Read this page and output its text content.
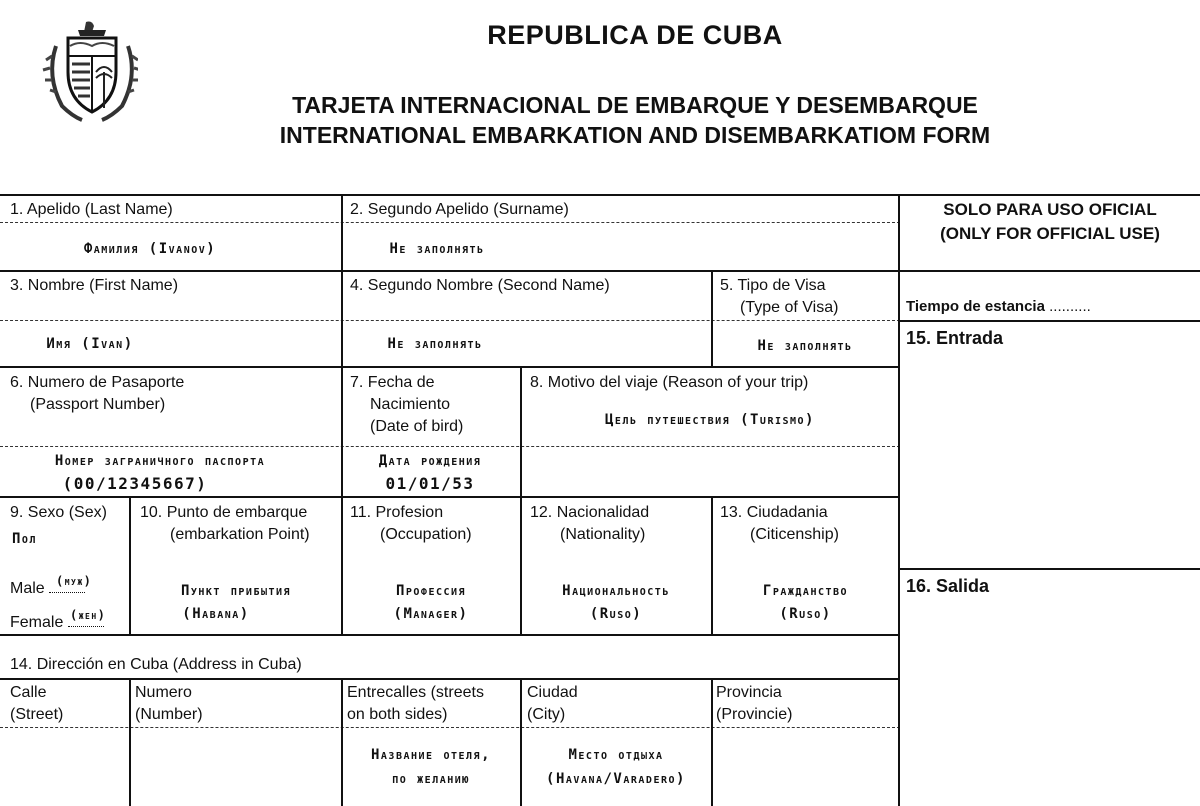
REPUBLICA DE CUBA
TARJETA INTERNACIONAL DE EMBARQUE Y DESEMBARQUE
INTERNATIONAL EMBARKATION AND DISEMBARKATIOM FORM
SOLO PARA USO OFICIAL
(ONLY FOR OFFICIAL USE)
Tiempo de estancia ..........
15. Entrada
16. Salida
1. Apelido (Last Name)
Фамилия (Ivanov)
2. Segundo Apelido (Surname)
Не заполнять
3. Nombre (First Name)
Имя (Ivan)
4. Segundo Nombre (Second Name)
Не заполнять
5. Tipo de Visa
(Type of Visa)
Не заполнять
6. Numero de Pasaporte
(Passport Number)
Номер заграничного паспорта
(00/12345667)
7. Fecha de
Nacimiento
(Date of bird)
Дата рождения
01/01/53
8. Motivo del viaje (Reason of your trip)
Цель путешествия (Turismo)
9. Sexo (Sex)
Пол
Male (муж)
Female (жен)
10. Punto de embarque
(embarkation Point)
Пункт прибытия
(Habana)
11. Profesion
(Occupation)
Профессия
(Manager)
12. Nacionalidad
(Nationality)
Национальность
(Ruso)
13. Ciudadania
(Citicenship)
Гражданство
(Ruso)
14. Dirección en Cuba (Address in Cuba)
Calle
(Street)
Numero
(Number)
Entrecalles (streets
on both sides)
Название отеля,
по желанию
Ciudad
(City)
Место отдыха
(Havana/Varadero)
Provincia
(Provincie)
